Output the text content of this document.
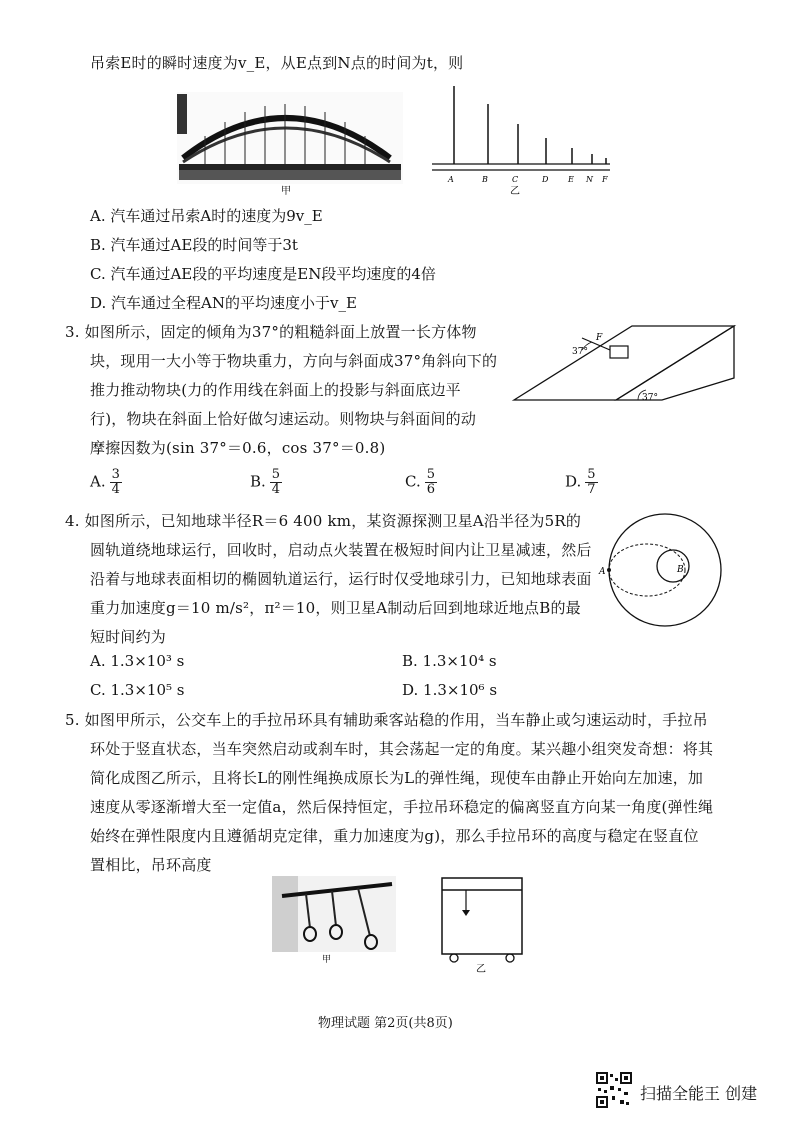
吊索E时的瞬时速度为v_E，从E点到N点的时间为t，则
甲
A	B	C	D E N F
乙
A. 汽车通过吊索A时的速度为9v_E
B. 汽车通过AE段的时间等于3t
C. 汽车通过AE段的平均速度是EN段平均速度的4倍
D. 汽车通过全程AN的平均速度小于v_E
3. 如图所示，固定的倾角为37°的粗糙斜面上放置一长方体物
块，现用一大小等于物块重力，方向与斜面成37°角斜向下的
推力推动物块(力的作用线在斜面上的投影与斜面底边平
行)，物块在斜面上恰好做匀速运动。则物块与斜面间的动
摩擦因数为(sin 37°＝0.6，cos 37°＝0.8)
F
37°
37°
A. $\frac{3}{4}$	B. $\frac{5}{4}$	C. $\frac{5}{6}$	D. $\frac{5}{7}$
4. 如图所示，已知地球半径R＝6 400 km，某资源探测卫星A沿半径为5R的
圆轨道绕地球运行，回收时，启动点火装置在极短时间内让卫星减速，然后
沿着与地球表面相切的椭圆轨道运行，运行时仅受地球引力，已知地球表面
重力加速度g＝10 m/s²，π²＝10，则卫星A制动后回到地球近地点B的最
短时间约为
A	B
A. 1.3×10³ s	B. 1.3×10⁴ s
C. 1.3×10⁵ s	D. 1.3×10⁶ s
5. 如图甲所示，公交车上的手拉吊环具有辅助乘客站稳的作用，当车静止或匀速运动时，手拉吊
环处于竖直状态，当车突然启动或刹车时，其会荡起一定的角度。某兴趣小组突发奇想：将其
简化成图乙所示，且将长L的刚性绳换成原长为L的弹性绳，现使车由静止开始向左加速，加
速度从零逐渐增大至一定值a，然后保持恒定，手拉吊环稳定的偏离竖直方向某一角度(弹性绳
始终在弹性限度内且遵循胡克定律，重力加速度为g)，那么手拉吊环的高度与稳定在竖直位
置相比，吊环高度
甲
乙
物理试题 第2页(共8页)
扫描全能王 创建
